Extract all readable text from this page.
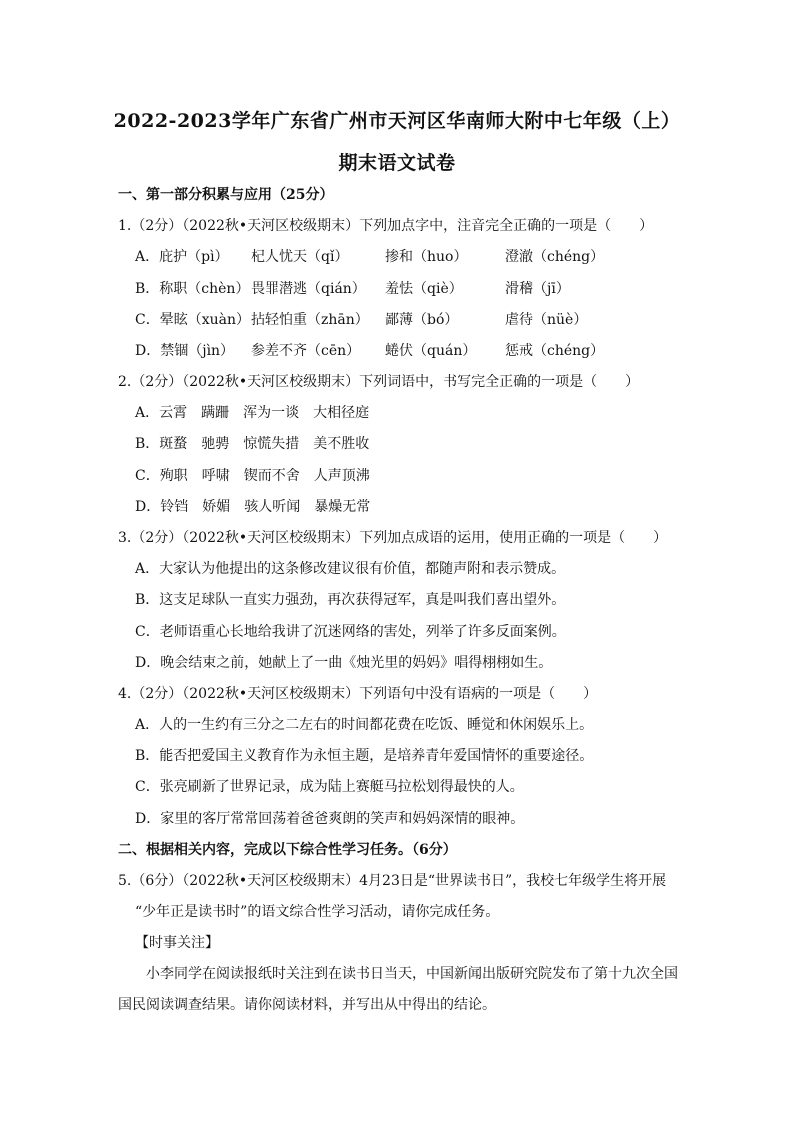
2022-2023学年广东省广州市天河区华南师大附中七年级（上）
期末语文试卷
一、第一部分积累与应用（25分）
1.（2分）（2022秋•天河区校级期末）下列加点字中，注音完全正确的一项是（　　）
A．庇护（pì） 杞人忧天（qǐ）	掺和（huo）	澄澈（chéng）
B．称职（chèn） 畏罪潜逃（qián） 羞怯（qiè）	滑稽（jī）
C．晕眩（xuàn）拈轻怕重（zhān） 鄙薄（bó）	虐待（nüè）
D．禁锢（jìn） 参差不齐（cēn） 蜷伏（quán） 惩戒（chéng）
2.（2分）（2022秋•天河区校级期末）下列词语中，书写完全正确的一项是（　　）
A．云霄　蹒跚　浑为一谈　大相径庭
B．斑蝥　驰骋　惊慌失措　美不胜收
C．殉职　呼啸　锲而不舍　人声顶沸
D．铃铛　娇媚　骇人听闻　暴燥无常
3.（2分）（2022秋•天河区校级期末）下列加点成语的运用，使用正确的一项是（　　）
A．大家认为他提出的这条修改建议很有价值，都随声附和表示赞成。
B．这支足球队一直实力强劲，再次获得冠军，真是叫我们喜出望外。
C．老师语重心长地给我讲了沉迷网络的害处，列举了许多反面案例。
D．晚会结束之前，她献上了一曲《烛光里的妈妈》唱得栩栩如生。
4.（2分）（2022秋•天河区校级期末）下列语句中没有语病的一项是（　　）
A．人的一生约有三分之二左右的时间都花费在吃饭、睡觉和休闲娱乐上。
B．能否把爱国主义教育作为永恒主题，是培养青年爱国情怀的重要途径。
C．张亮刷新了世界记录，成为陆上赛艇马拉松划得最快的人。
D．家里的客厅常常回荡着爸爸爽朗的笑声和妈妈深情的眼神。
二、根据相关内容，完成以下综合性学习任务。（6分）
5.（6分）（2022秋•天河区校级期末）4月23日是“世界读书日”，我校七年级学生将开展
“少年正是读书时”的语文综合性学习活动，请你完成任务。
【时事关注】
小李同学在阅读报纸时关注到在读书日当天，中国新闻出版研究院发布了第十九次全国国民阅读调查结果。请你阅读材料，并写出从中得出的结论。
